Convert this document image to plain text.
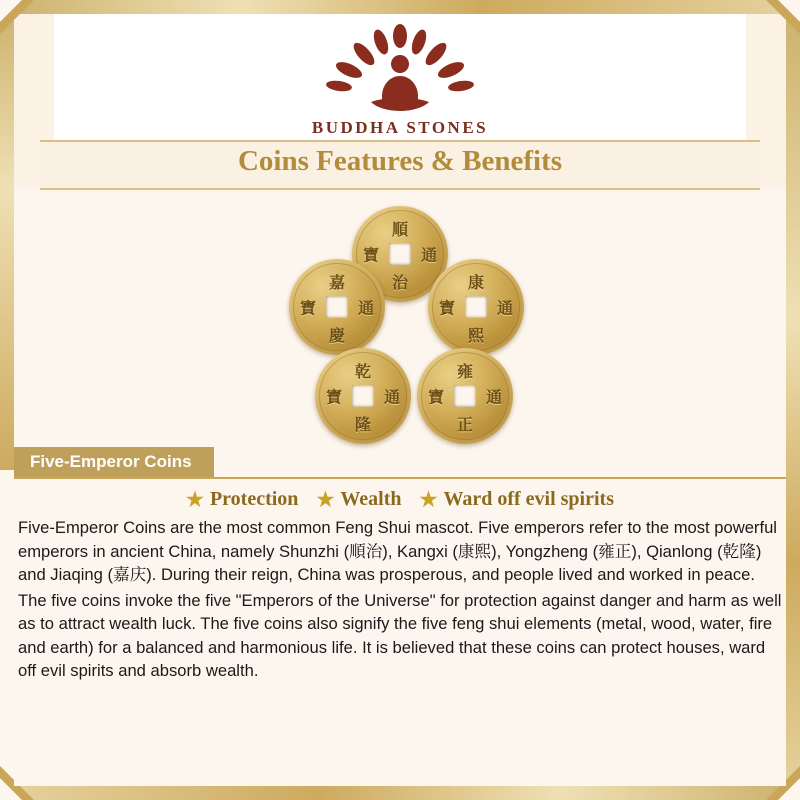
BUDDHA STONES
Coins Features & Benefits
順
治
寶	通
嘉
慶
寶	通
康
熙
寶	通
乾
隆
寶	通
雍
正
寶	通
Five-Emperor Coins
★ Protection ★ Wealth ★ Ward off evil spirits

Five-Emperor Coins are the most common Feng Shui mascot. Five emperors refer to the most powerful emperors in ancient China, namely Shunzhi (順治), Kangxi (康熙), Yongzheng (雍正), Qianlong (乾隆) and Jiaqing (嘉庆). During their reign, China was prosperous, and people lived and worked in peace.

The five coins invoke the five "Emperors of the Universe" for protection against danger and harm as well as to attract wealth luck. The five coins also signify the five feng shui elements (metal, wood, water, fire and earth) for a balanced and harmonious life. It is believed that these coins can protect houses, ward off evil spirits and absorb wealth.
